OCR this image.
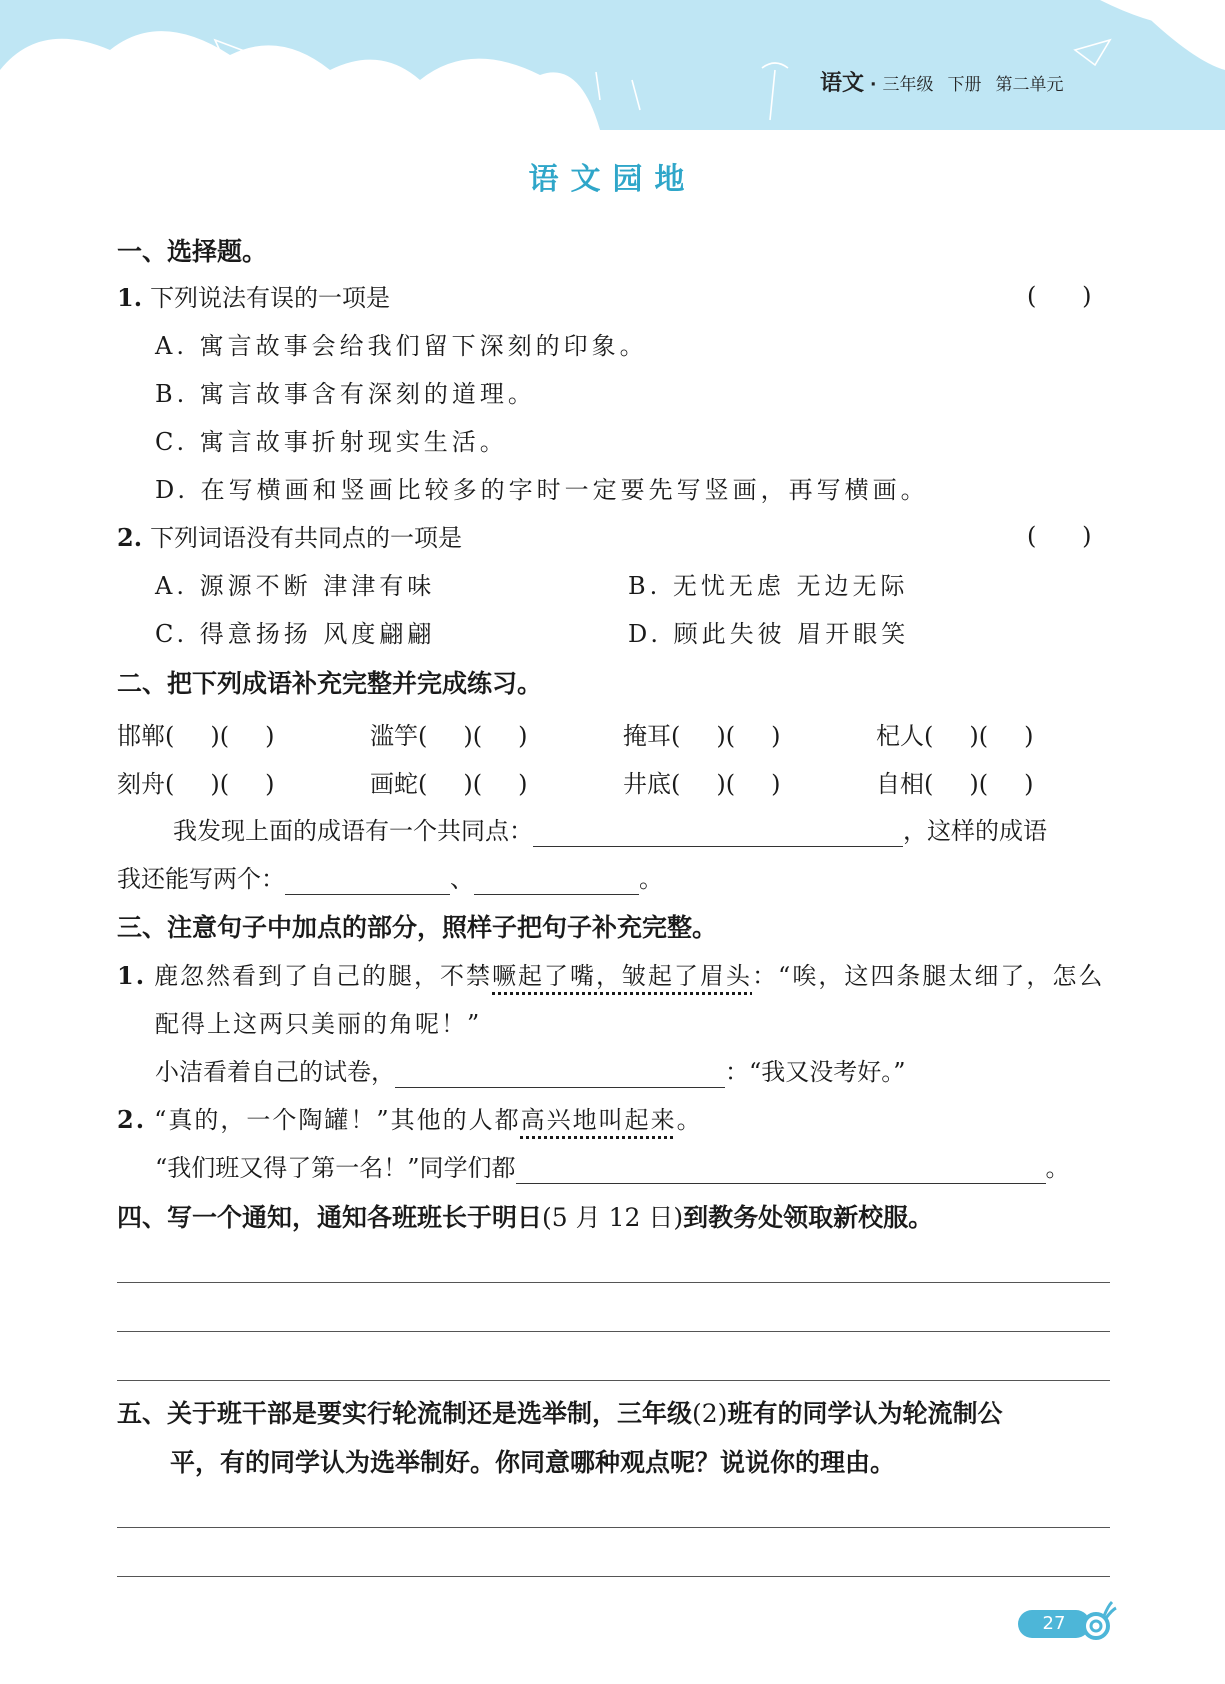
语文 · 三年级 下册 第二单元
语文园地
一、选择题。
1. 下列说法有误的一项是	(      )
A. 寓言故事会给我们留下深刻的印象。
B. 寓言故事含有深刻的道理。
C. 寓言故事折射现实生活。
D. 在写横画和竖画比较多的字时一定要先写竖画，再写横画。
2. 下列词语没有共同点的一项是	(      )
A. 源源不断 津津有味	B. 无忧无虑 无边无际
C. 得意扬扬 风度翩翩	D. 顾此失彼 眉开眼笑
二、把下列成语补充完整并完成练习。
邯郸( )( )	滥竽( )( )	掩耳( )( )	杞人( )( )
刻舟( )( )	画蛇( )( )	井底( )( )	自相( )( )
我发现上面的成语有一个共同点：	，这样的成语
我还能写两个：	、	。
三、注意句子中加点的部分，照样子把句子补充完整。
1. 鹿忽然看到了自己的腿，不禁噘起了嘴，皱起了眉头：“唉，这四条腿太细了，怎么
配得上这两只美丽的角呢！”
小洁看着自己的试卷，	：“我又没考好。”
2. “真的，一个陶罐！”其他的人都高兴地叫起来。
“我们班又得了第一名！”同学们都	。
四、写一个通知，通知各班班长于明日(5 月 12 日)到教务处领取新校服。
五、关于班干部是要实行轮流制还是选举制，三年级(2)班有的同学认为轮流制公
平，有的同学认为选举制好。你同意哪种观点呢？说说你的理由。
27
